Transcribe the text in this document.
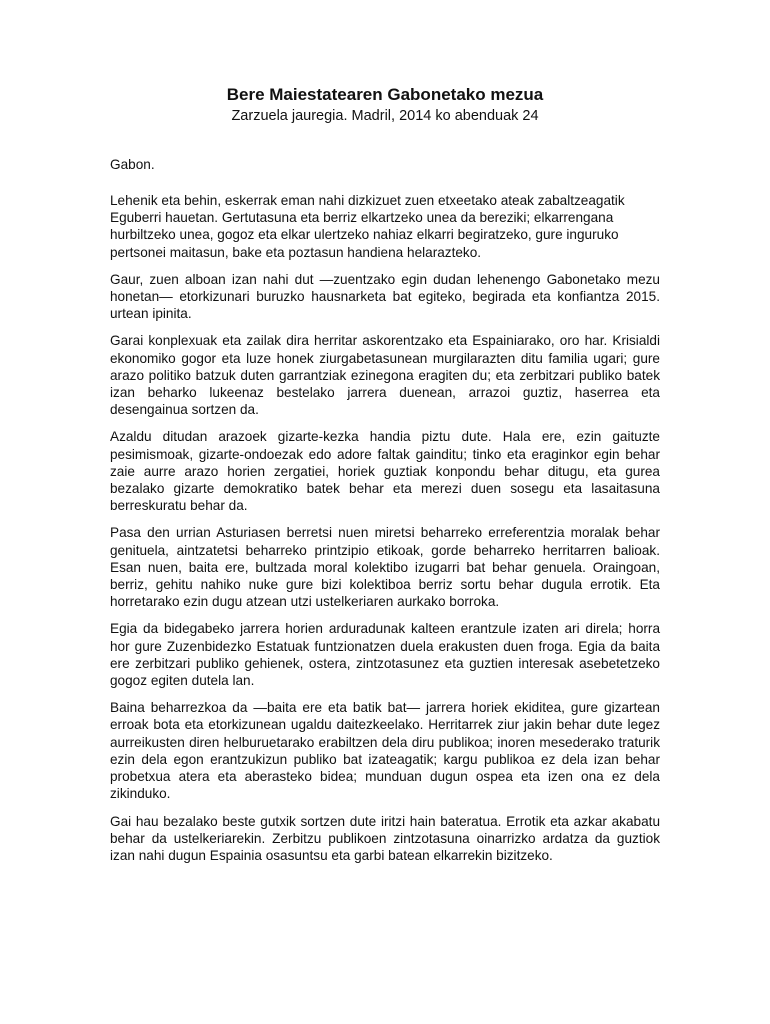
Bere Maiestatearen Gabonetako mezua

Zarzuela jauregia. Madril, 2014 ko abenduak 24

Gabon.

Lehenik eta behin, eskerrak eman nahi dizkizuet zuen etxeetako ateak zabaltzeagatik Eguberri hauetan. Gertutasuna eta berriz elkartzeko unea da bereziki; elkarrengana hurbiltzeko unea, gogoz eta elkar ulertzeko nahiaz elkarri begiratzeko, gure inguruko pertsonei maitasun, bake eta poztasun handiena helarazteko.

Gaur, zuen alboan izan nahi dut —zuentzako egin dudan lehenengo Gabonetako mezu honetan— etorkizunari buruzko hausnarketa bat egiteko, begirada eta konfiantza 2015. urtean ipinita.

Garai konplexuak eta zailak dira herritar askorentzako eta Espainiarako, oro har. Krisialdi ekonomiko gogor eta luze honek ziurgabetasunean murgilarazten ditu familia ugari; gure arazo politiko batzuk duten garrantziak ezinegona eragiten du; eta zerbitzari publiko batek izan beharko lukeenaz bestelako jarrera duenean, arrazoi guztiz, haserrea eta desengainua sortzen da.

Azaldu ditudan arazoek gizarte-kezka handia piztu dute. Hala ere, ezin gaituzte pesimismoak, gizarte-ondoezak edo adore faltak gainditu; tinko eta eraginkor egin behar zaie aurre arazo horien zergatiei, horiek guztiak konpondu behar ditugu, eta gurea bezalako gizarte demokratiko batek behar eta merezi duen sosegu eta lasaitasuna berreskuratu behar da.

Pasa den urrian Asturiasen berretsi nuen miretsi beharreko erreferentzia moralak behar genituela, aintzatetsi beharreko printzipio etikoak, gorde beharreko herritarren balioak. Esan nuen, baita ere, bultzada moral kolektibo izugarri bat behar genuela. Oraingoan, berriz, gehitu nahiko nuke gure bizi kolektiboa berriz sortu behar dugula errotik. Eta horretarako ezin dugu atzean utzi ustelkeriaren aurkako borroka.

Egia da bidegabeko jarrera horien arduradunak kalteen erantzule izaten ari direla; horra hor gure Zuzenbidezko Estatuak funtzionatzen duela erakusten duen froga. Egia da baita ere zerbitzari publiko gehienek, ostera, zintzotasunez eta guztien interesak asebetetzeko gogoz egiten dutela lan.

Baina beharrezkoa da —baita ere eta batik bat— jarrera horiek ekiditea, gure gizartean erroak bota eta etorkizunean ugaldu daitezkeelako. Herritarrek ziur jakin behar dute legez aurreikusten diren helburuetarako erabiltzen dela diru publikoa; inoren mesederako traturik ezin dela egon erantzukizun publiko bat izateagatik; kargu publikoa ez dela izan behar probetxua atera eta aberasteko bidea; munduan dugun ospea eta izen ona ez dela zikinduko.

Gai hau bezalako beste gutxik sortzen dute iritzi hain bateratua. Errotik eta azkar akabatu behar da ustelkeriarekin. Zerbitzu publikoen zintzotasuna oinarrizko ardatza da guztiok izan nahi dugun Espainia osasuntsu eta garbi batean elkarrekin bizitzeko.
